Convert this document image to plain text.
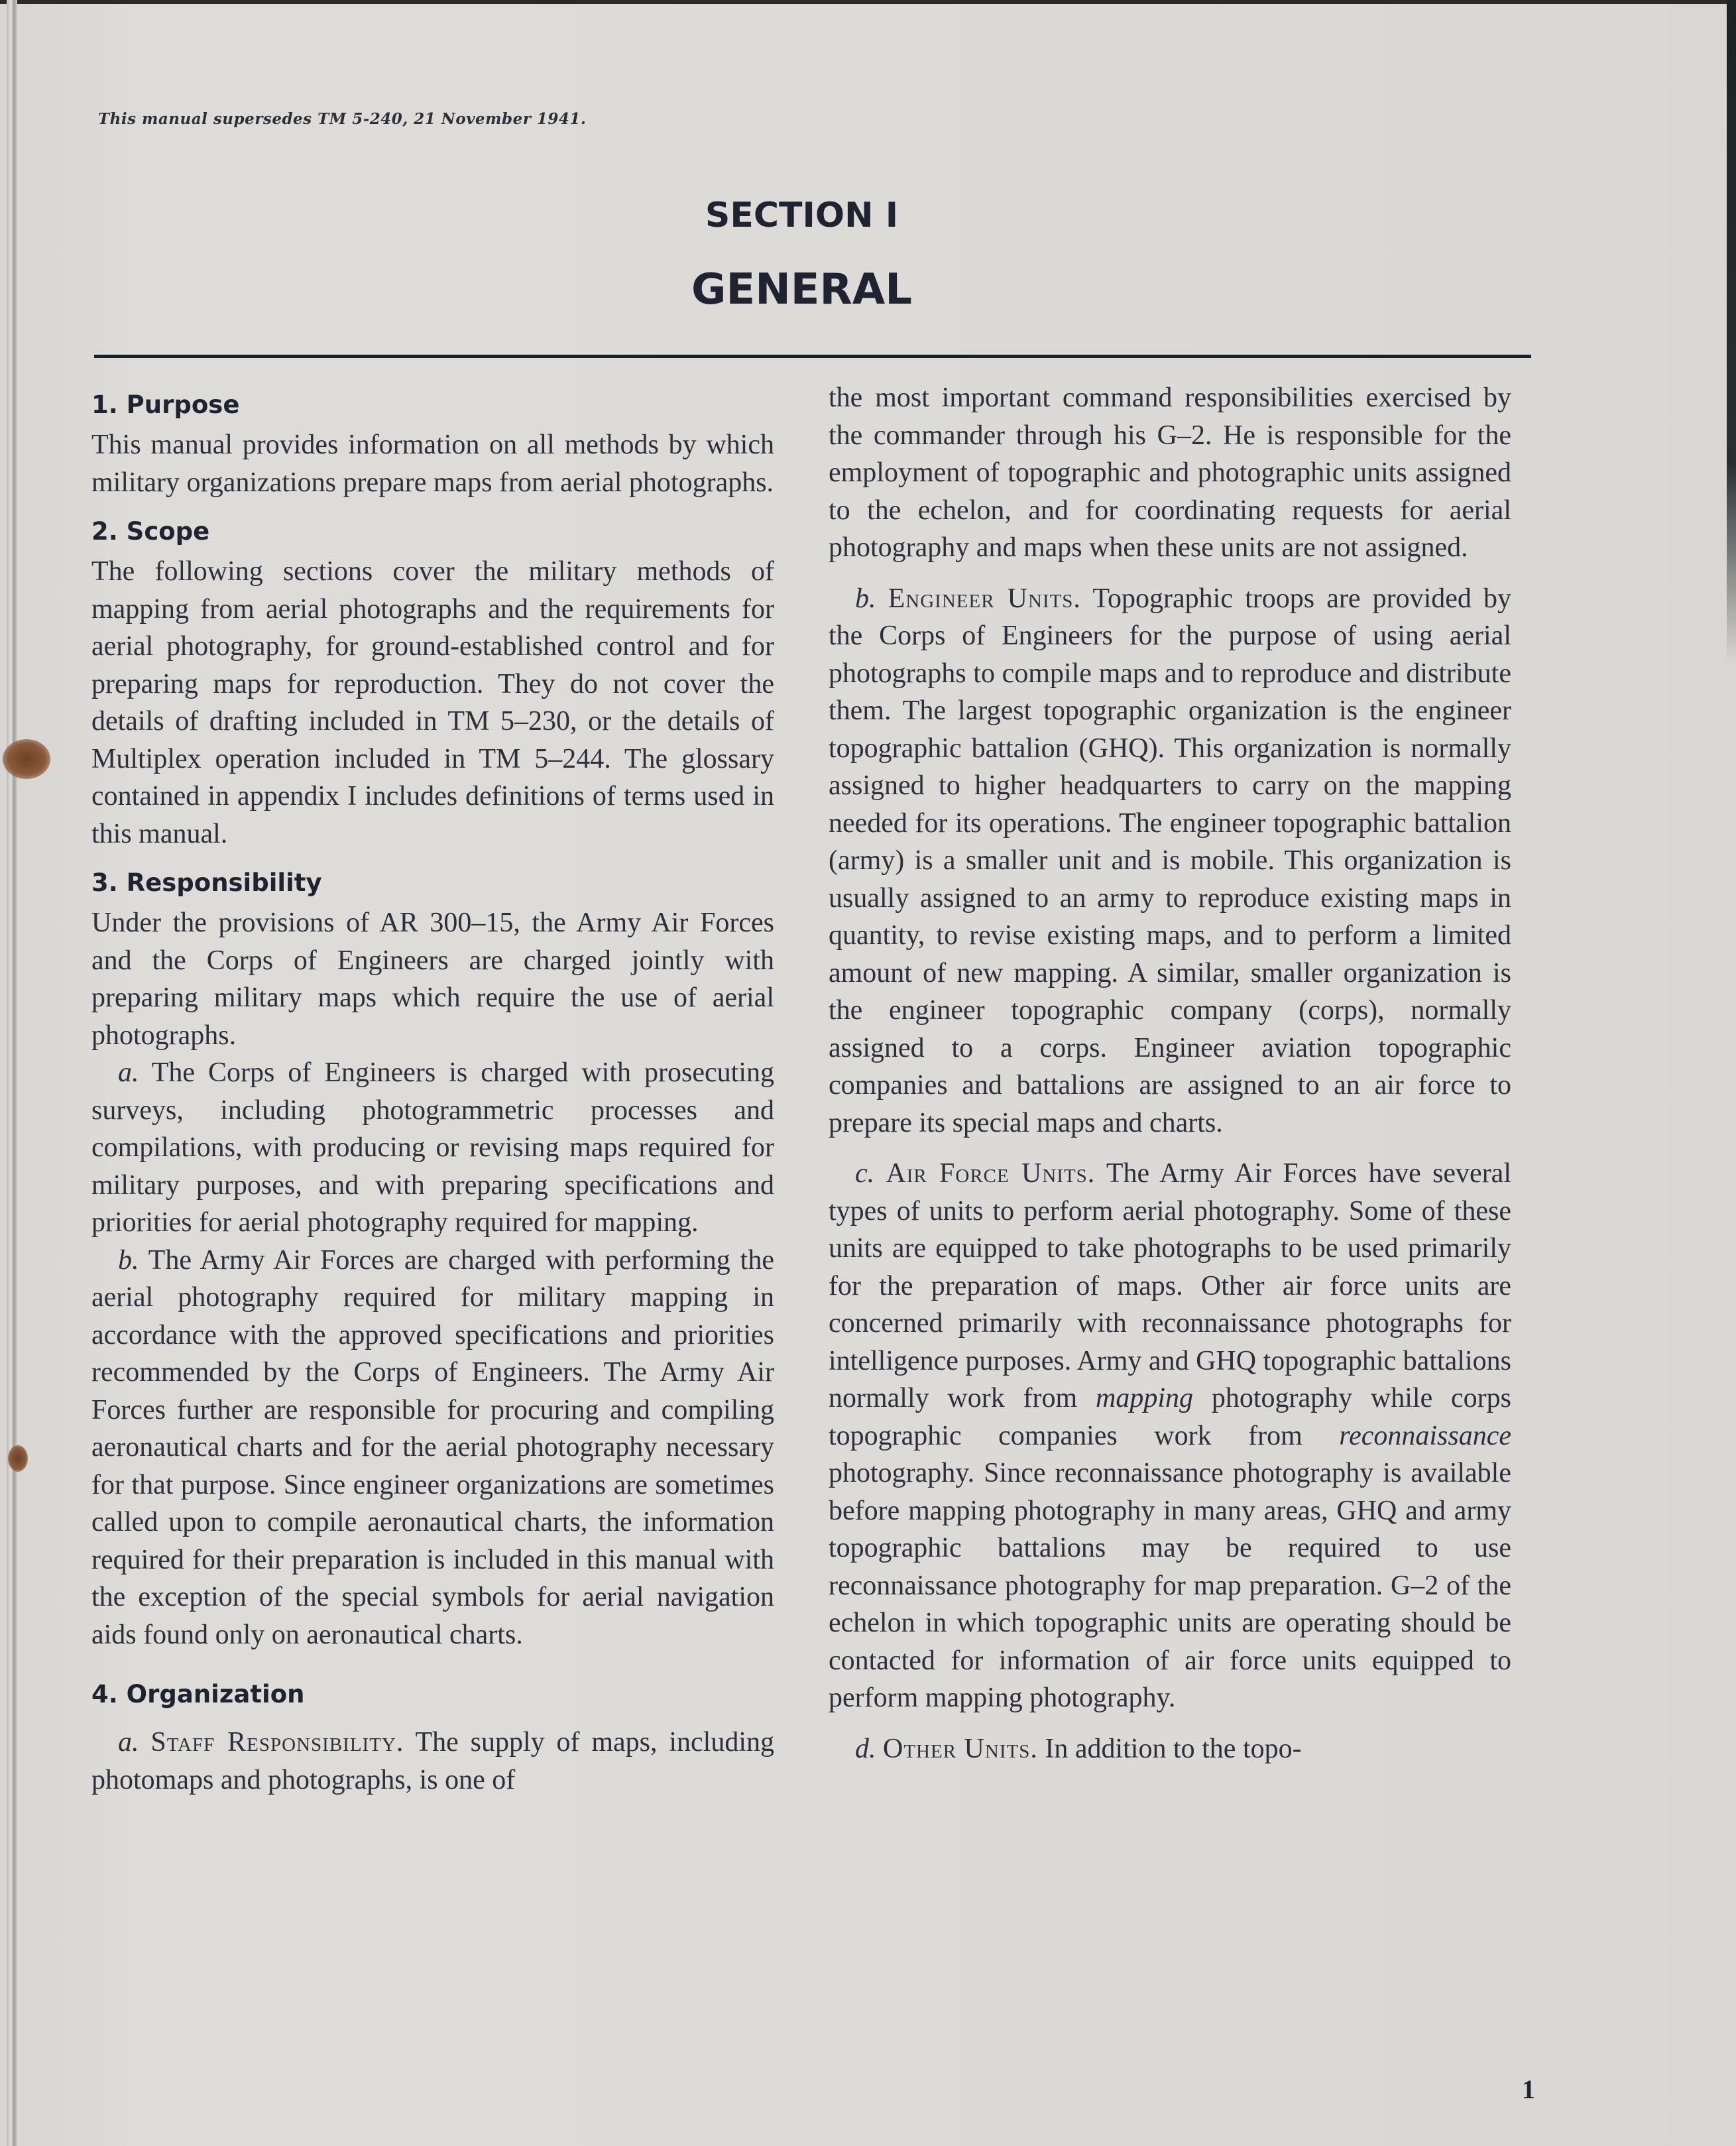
This manual supersedes TM 5-240, 21 November 1941.
SECTION I
GENERAL
1. Purpose

This manual provides information on all methods by which military organizations prepare maps from aerial photographs.

2. Scope

The following sections cover the military methods of mapping from aerial photographs and the requirements for aerial photography, for ground-established control and for preparing maps for reproduction. They do not cover the details of drafting included in TM 5–230, or the details of Multiplex operation included in TM 5–244. The glossary contained in appendix I includes definitions of terms used in this manual.

3. Responsibility

Under the provisions of AR 300–15, the Army Air Forces and the Corps of Engineers are charged jointly with preparing military maps which require the use of aerial photographs.

a. The Corps of Engineers is charged with prosecuting surveys, including photogrammetric processes and compilations, with producing or revising maps required for military purposes, and with preparing specifications and priorities for aerial photography required for mapping.

b. The Army Air Forces are charged with performing the aerial photography required for military mapping in accordance with the approved specifications and priorities recommended by the Corps of Engineers. The Army Air Forces further are responsible for procuring and compiling aeronautical charts and for the aerial photography necessary for that purpose. Since engineer organizations are sometimes called upon to compile aeronautical charts, the information required for their preparation is included in this manual with the exception of the special symbols for aerial navigation aids found only on aeronautical charts.

4. Organization

a. Staff Responsibility. The supply of maps, including photomaps and photographs, is one of

the most important command responsibilities exercised by the commander through his G–2. He is responsible for the employment of topographic and photographic units assigned to the echelon, and for coordinating requests for aerial photography and maps when these units are not assigned.

b. Engineer Units. Topographic troops are provided by the Corps of Engineers for the purpose of using aerial photographs to compile maps and to reproduce and distribute them. The largest topographic organization is the engineer topographic battalion (GHQ). This organization is normally assigned to higher headquarters to carry on the mapping needed for its operations. The engineer topographic battalion (army) is a smaller unit and is mobile. This organization is usually assigned to an army to reproduce existing maps in quantity, to revise existing maps, and to perform a limited amount of new mapping. A similar, smaller organization is the engineer topographic company (corps), normally assigned to a corps. Engineer aviation topographic companies and battalions are assigned to an air force to prepare its special maps and charts.

c. Air Force Units. The Army Air Forces have several types of units to perform aerial photography. Some of these units are equipped to take photographs to be used primarily for the preparation of maps. Other air force units are concerned primarily with reconnaissance photographs for intelligence purposes. Army and GHQ topographic battalions normally work from mapping photography while corps topographic companies work from reconnaissance photography. Since reconnaissance photography is available before mapping photography in many areas, GHQ and army topographic battalions may be required to use reconnaissance photography for map preparation. G–2 of the echelon in which topographic units are operating should be contacted for information of air force units equipped to perform mapping photography.

d. Other Units. In addition to the topo-

1
